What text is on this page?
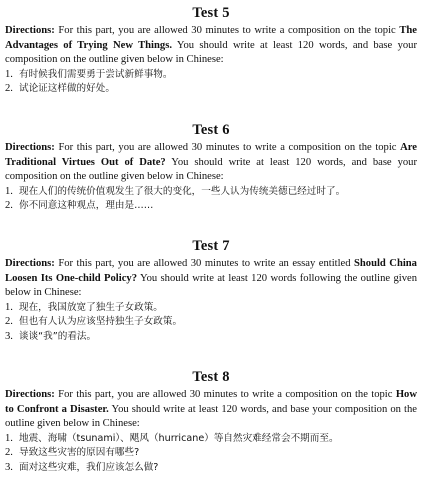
Test 5

Directions: For this part, you are allowed 30 minutes to write a composition on the topic The Advantages of Trying New Things. You should write at least 120 words, and base your composition on the outline given below in Chinese:

1. 有时候我们需要勇于尝试新鲜事物。
2. 试论证这样做的好处。
Test 6

Directions: For this part, you are allowed 30 minutes to write a composition on the topic Are Traditional Virtues Out of Date? You should write at least 120 words, and base your composition on the outline given below in Chinese:

1. 现在人们的传统价值观发生了很大的变化，一些人认为传统美德已经过时了。
2. 你不同意这种观点，理由是……
Test 7

Directions: For this part, you are allowed 30 minutes to write an essay entitled Should China Loosen Its One-child Policy? You should write at least 120 words following the outline given below in Chinese:

1. 现在，我国放宽了独生子女政策。
2. 但也有人认为应该坚持独生子女政策。
3. 谈谈“我”的看法。
Test 8

Directions: For this part, you are allowed 30 minutes to write a composition on the topic How to Confront a Disaster. You should write at least 120 words, and base your composition on the outline given below in Chinese:

1. 地震、海啸（tsunami）、飓风（hurricane）等自然灾难经常会不期而至。
2. 导致这些灾害的原因有哪些?
3. 面对这些灾难，我们应该怎么做?
